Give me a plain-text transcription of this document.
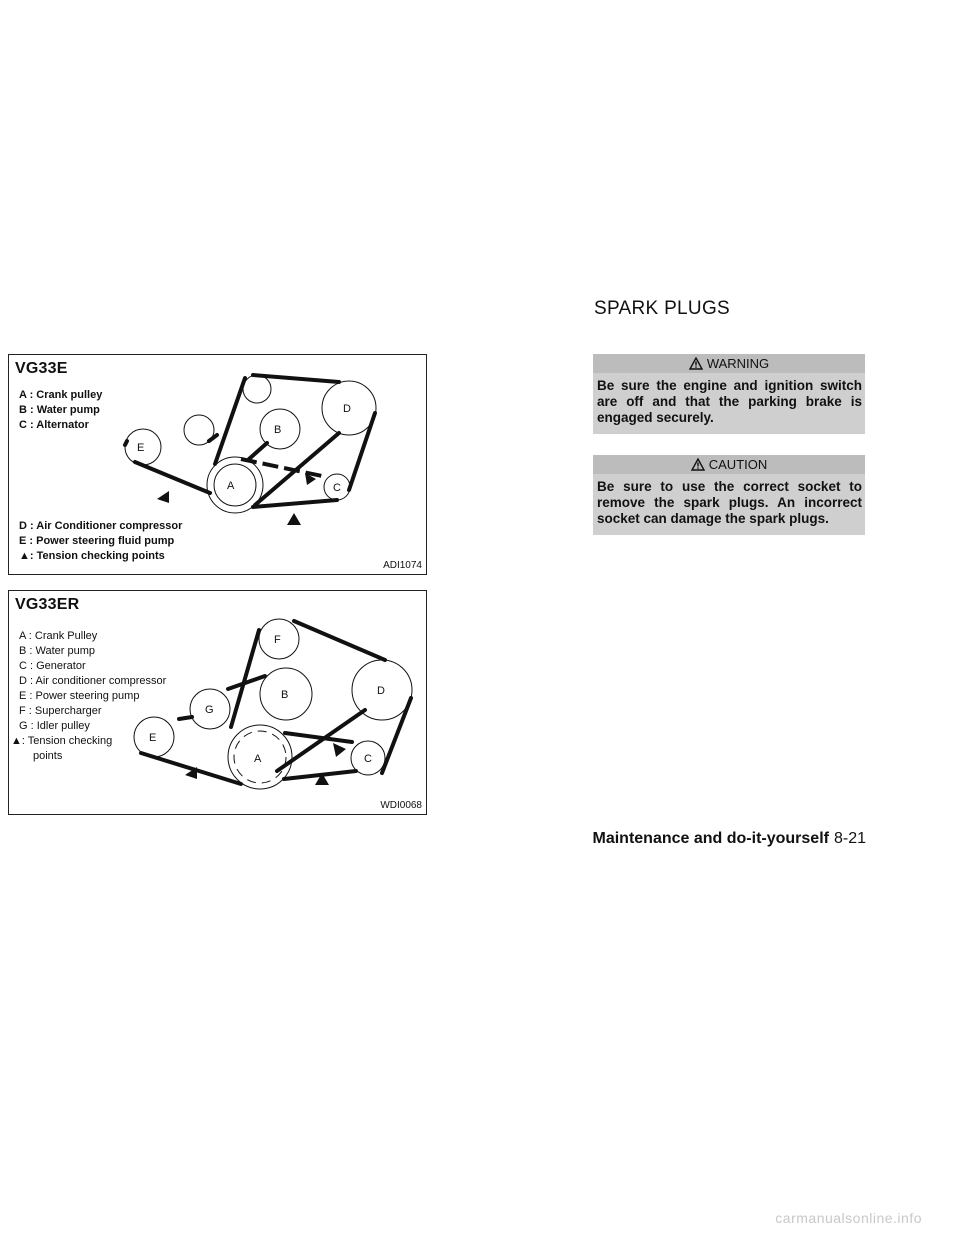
A
B
C
D
E
VG33E
A : Crank pulley
B : Water pump
C : Alternator
D : Air Conditioner compressor
E : Power steering fluid pump
▲: Tension checking points
ADI1074
A
B
C
D
E
F
G
VG33ER
A : Crank Pulley
B : Water pump
C : Generator
D : Air conditioner compressor
E : Power steering pump
F : Supercharger
G : Idler pulley
▲: Tension checking
points
WDI0068
SPARK PLUGS
WARNING
Be sure the engine and ignition switch are off and that the parking brake is engaged securely.
CAUTION
Be sure to use the correct socket to remove the spark plugs. An incorrect socket can damage the spark plugs.
Maintenance and do-it-yourself 8-21
carmanualsonline.info
